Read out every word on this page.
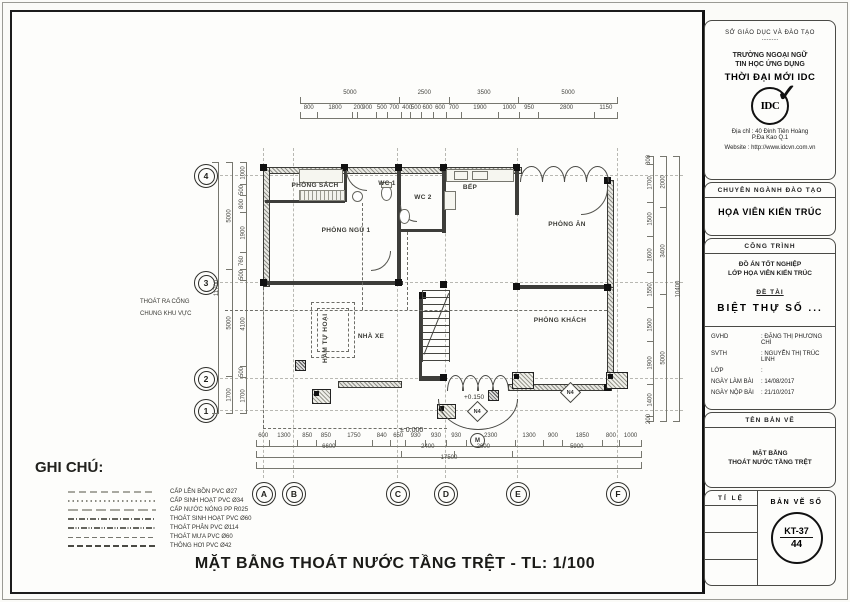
4
3
2
1
A	B	C	D	E	F
5000	2500	3500	5000
800	1800	200
900 500 700 400
500 600 600 700	1900	1000	950	2800	1150
600	1300	850	850	1750	840	650	930	930	930	2300	1300	900	1850	800	1000
6600	2400	2600	5900
17500
1000
500
800
1900
760
500
4100
500
1700
5000
5000
1700
11700
300
1700
1500
1600
1550
1500
1900
1400
200
2000
3400
5000
10400
PHÒNG SÁCH	WC 1
WC 2
BẾP
PHÒNG ĂN
PHÒNG NGỦ 1
PHÒNG KHÁCH
NHÀ XE
HẦM TỰ HOẠI
+0.150
± 0.000
N4
N4
M
THOÁT RA CỐNG
CHUNG KHU VỰC
GHI CHÚ:
CẤP LÊN BỒN PVC Ø27
CẤP SINH HOẠT PVC Ø34
CẤP NƯỚC NÓNG PP R025
THOÁT SINH HOẠT PVC Ø60
THOÁT PHÂN PVC Ø114
THOÁT MƯA PVC Ø60
THÔNG HƠI PVC Ø42
MẶT BẰNG THOÁT NƯỚC TẦNG TRỆT - TL: 1/100
SỞ GIÁO DỤC VÀ ĐÀO TẠO
..........
TRƯỜNG NGOẠI NGỮ
TIN HỌC ỨNG DỤNG
THỜI ĐẠI MỚI IDC
IDC
✓
Địa chỉ : 40 Đinh Tiên Hoàng
P.Đa Kao Q.1
Website : http://www.idcvn.com.vn
CHUYÊN NGÀNH ĐÀO TẠO
HỌA VIÊN KIẾN TRÚC
CÔNG TRÌNH
ĐỒ ÁN TỐT NGHIỆP
LỚP HỌA VIÊN KIẾN TRÚC
ĐỀ TÀI
BIỆT THỰ SỐ ...
GVHD	: ĐẶNG THỊ PHƯƠNG CHI
SVTH	: NGUYỄN THỊ TRÚC LINH
LỚP	:
NGÀY LÀM BÀI	: 14/08/2017
NGÀY NỘP BÀI	: 21/10/2017
TÊN BẢN VẼ
MẶT BẰNG
THOÁT NƯỚC TẦNG TRỆT
TỈ LỆ
BẢN VẼ SỐ
KT-37
44
